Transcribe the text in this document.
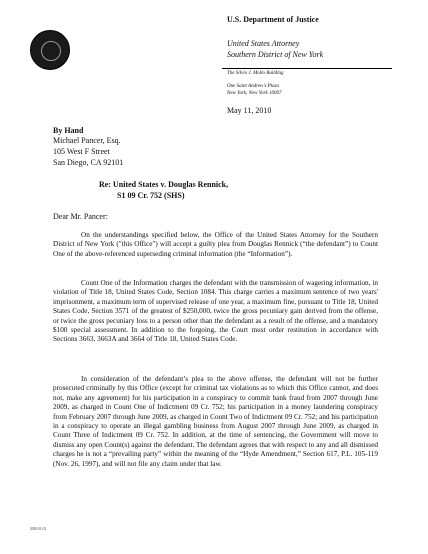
U.S. Department of Justice
United States Attorney
Southern District of New York
The Silvio J. Mollo Building
One Saint Andrew's Plaza
New York, New York 10007
May 11, 2010
By Hand
Michael Pancer, Esq.
105 West F Street
San Diego, CA 92101
Re: United States v. Douglas Rennick,
S1 09 Cr. 752 (SHS)
Dear Mr. Pancer:

On the understandings specified below, the Office of the United States Attorney for the Southern District of New York ("this Office") will accept a guilty plea from Douglas Rennick (“the defendant”) to Count One of the above-referenced superseding criminal information (the “Information”).

Count One of the Information charges the defendant with the transmission of wagering information, in violation of Title 18, United States Code, Section 1084. This charge carries a maximum sentence of two years' imprisonment, a maximum term of supervised release of one year, a maximum fine, pursuant to Title 18, United States Code, Section 3571 of the greatest of $250,000, twice the gross pecuniary gain derived from the offense, or twice the gross pecuniary loss to a person other than the defendant as a result of the offense, and a mandatory $100 special assessment. In addition to the forgoing, the Court must order restitution in accordance with Sections 3663, 3663A and 3664 of Title 18, United States Code.

In consideration of the defendant’s plea to the above offense, the defendant will not be further prosecuted criminally by this Office (except for criminal tax violations as to which this Office cannot, and does not, make any agreement) for his participation in a conspiracy to commit bank fraud from 2007 through June 2009, as charged in Count One of Indictment 09 Cr. 752; his participation in a money laundering conspiracy from February 2007 through June 2009, as charged in Count Two of Indictment 09 Cr. 752; and his participation in a conspiracy to operate an illegal gambling business from August 2007 through June 2009, as charged in Count Three of Indictment 09 Cr. 752. In addition, at the time of sentencing, the Government will move to dismiss any open Count(s) against the defendant. The defendant agrees that with respect to any and all dismissed charges he is not a “prevailing party” within the meaning of the “Hyde Amendment,” Section 617, P.L. 105-119 (Nov. 26, 1997), and will not file any claim under that law.

2010.01.01
